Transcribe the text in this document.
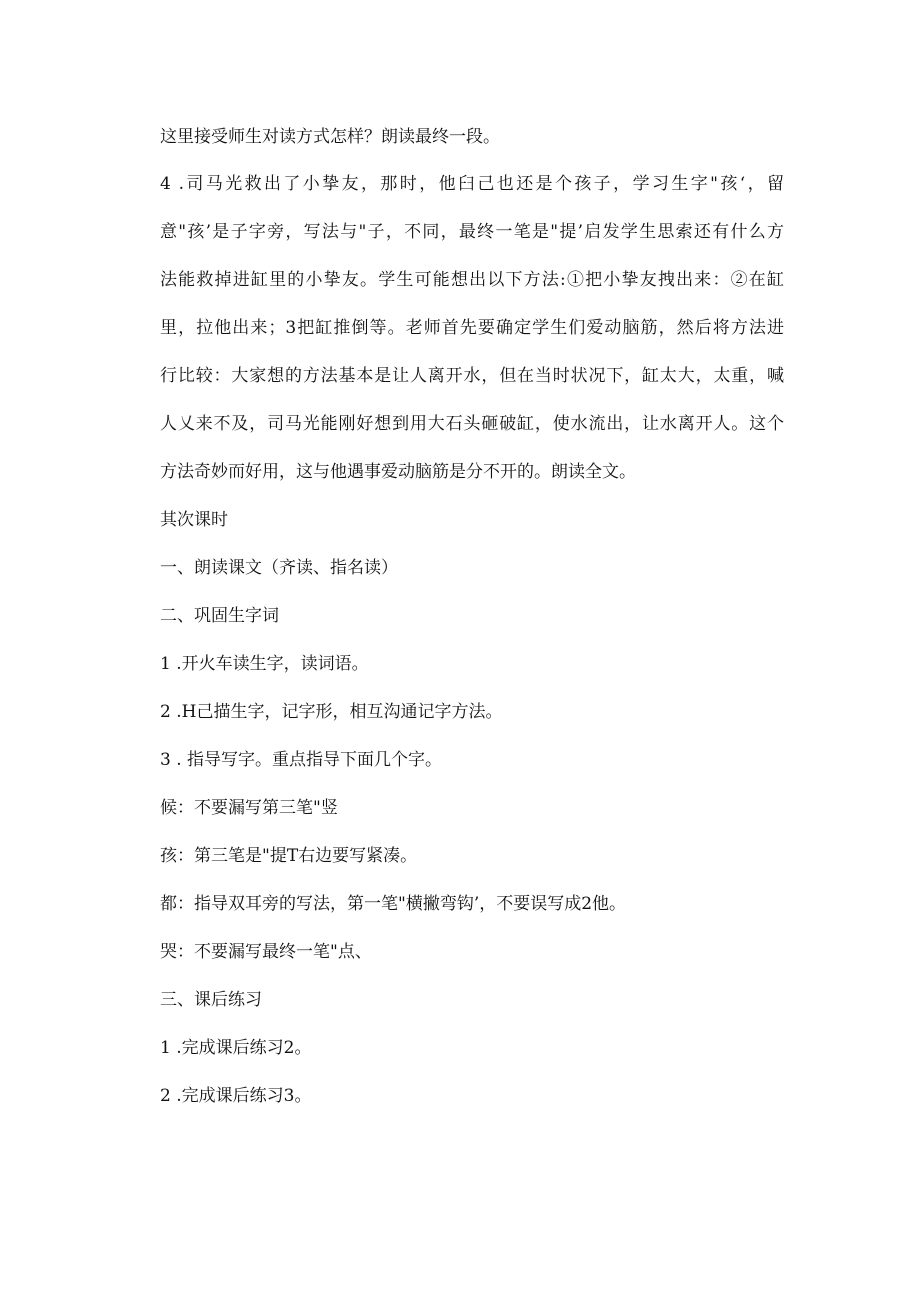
这里接受师生对读方式怎样？朗读最终一段。

4 .司马光救出了小挚友，那时，他臼己也还是个孩子，学习生字"孩‘，留
意"孩’是子字旁，写法与"子，不同，最终一笔是"提’启发学生思索还有什么方
法能救掉进缸里的小挚友。学生可能想出以下方法:①把小挚友拽出来：②在缸
里，拉他出来；3把缸推倒等。老师首先要确定学生们爱动脑筋，然后将方法进
行比较：大家想的方法基本是让人离开水，但在当时状况下，缸太大，太重，喊
人乂来不及，司马光能刚好想到用大石头砸破缸，使水流出，让水离开人。这个
方法奇妙而好用，这与他遇事爱动脑筋是分不开的。朗读全文。

其次课时

一、朗读课文（齐读、指名读）

二、巩固生字词

1 .开火车读生字，读词语。

2 .H己描生字，记字形，相互沟通记字方法。

3 . 指导写字。重点指导下面几个字。

候：不要漏写第三笔"竖

孩：第三笔是"提T右边要写紧凑。

都：指导双耳旁的写法，第一笔"横撇弯钩’，不要误写成2他。

哭：不要漏写最终一笔"点、

三、课后练习

1 .完成课后练习2。

2 .完成课后练习3。
